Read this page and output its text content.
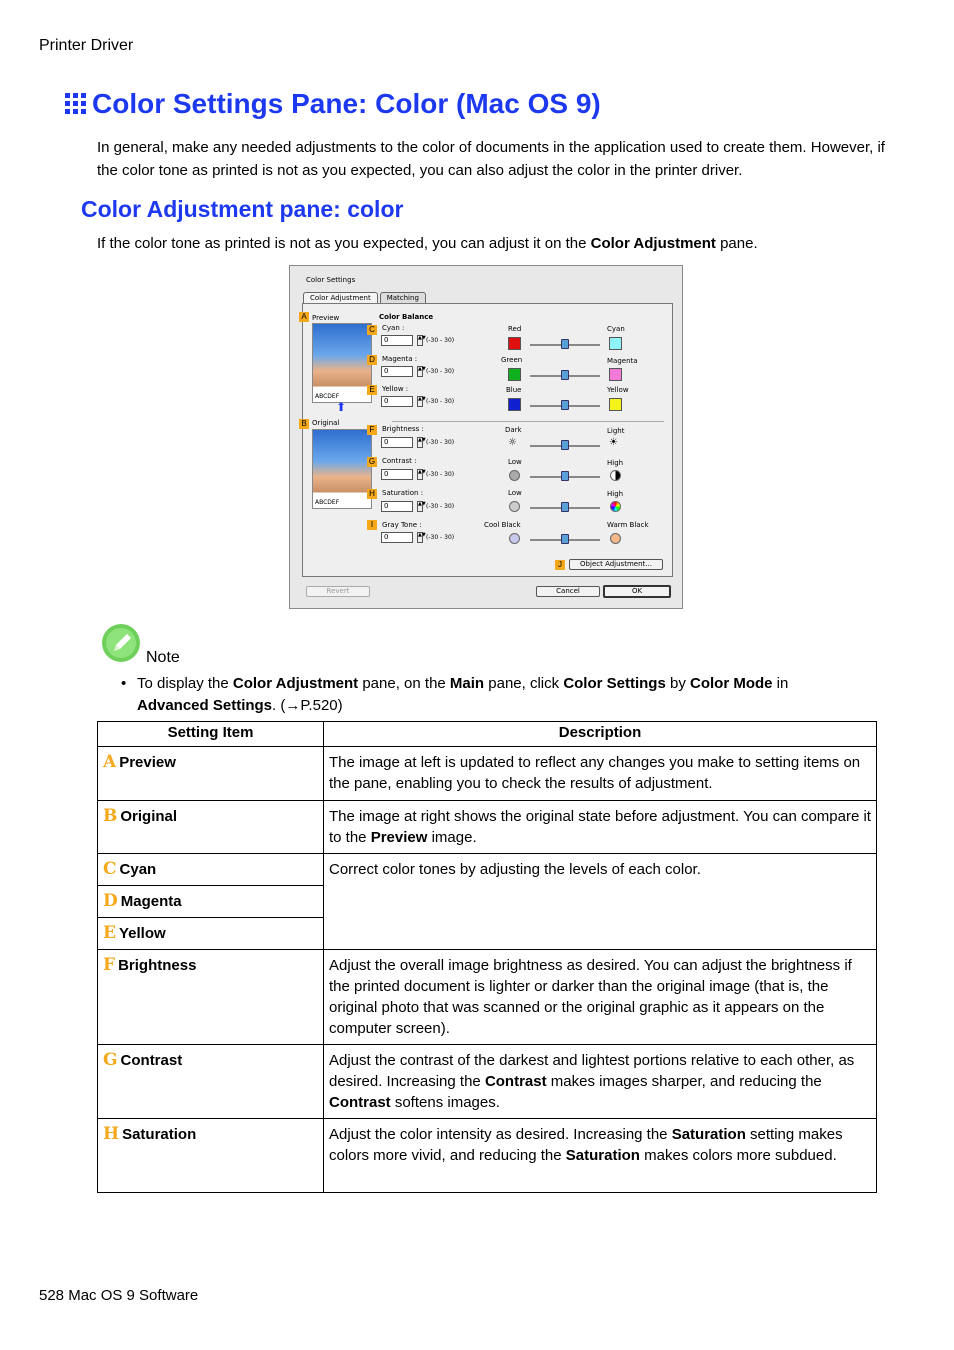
Printer Driver
Color Settings Pane: Color (Mac OS 9)
In general, make any needed adjustments to the color of documents in the application used to create them. However, if the color tone as printed is not as you expected, you can also adjust the color in the printer driver.
Color Adjustment pane: color
If the color tone as printed is not as you expected, you can adjust it on the Color Adjustment pane.
Color Settings
Color Adjustment	Matching
A Preview
ABCDEF
⬆
B Original
ABCDEF
Color Balance
C	Cyan :
0	▲▼ (-30 - 30)
Red	Cyan
D	Magenta :
0	▲▼ (-30 - 30)
Green	Magenta
E	Yellow :
0	▲▼ (-30 - 30)
Blue	Yellow
F	Brightness :
0	▲▼ (-30 - 30)
Dark
☼
Light
☀
G Contrast :
0	▲▼ (-30 - 30)
Low	High
H	Saturation :
0	▲▼ (-30 - 30)
Low	High
I	Gray Tone :
0	▲▼ (-30 - 30)
Cool Black	Warm Black
J	Object Adjustment...
Revert	Cancel	OK
Note
• To display the Color Adjustment pane, on the Main pane, click Color Settings by Color Mode in
Advanced Settings. (→P.520)
Setting Item	Description
A Preview	The image at left is updated to reflect any changes you make to setting items on the pane, enabling you to check the results of adjustment.
B Original	The image at right shows the original state before adjustment. You can compare it to the Preview image.
C Cyan	Correct color tones by adjusting the levels of each color.
D Magenta	
E Yellow	
F Brightness	Adjust the overall image brightness as desired. You can adjust the brightness if the printed document is lighter or darker than the original image (that is, the original photo that was scanned or the original graphic as it appears on the computer screen).
G Contrast	Adjust the contrast of the darkest and lightest portions relative to each other, as desired. Increasing the Contrast makes images sharper, and reducing the Contrast softens images.
H Saturation	Adjust the color intensity as desired. Increasing the Saturation setting makes colors more vivid, and reducing the Saturation makes colors more subdued.
528 Mac OS 9 Software
